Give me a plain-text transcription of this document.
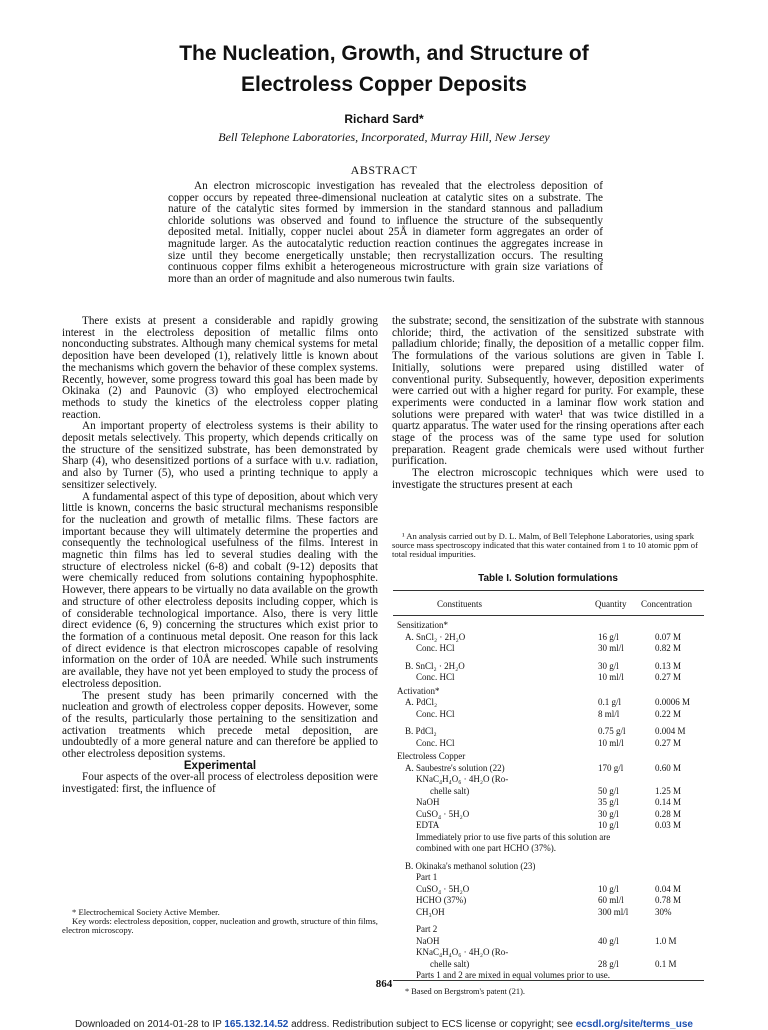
The Nucleation, Growth, and Structure of
Electroless Copper Deposits
Richard Sard*
Bell Telephone Laboratories, Incorporated, Murray Hill, New Jersey
ABSTRACT

An electron microscopic investigation has revealed that the electroless deposition of copper occurs by repeated three-dimensional nucleation at catalytic sites on a substrate. The nature of the catalytic sites formed by immersion in the standard stannous and palladium chloride solutions was observed and found to influence the structure of the subsequently deposited metal. Initially, copper nuclei about 25Å in diameter form aggregates an order of magnitude larger. As the autocatalytic reduction reaction continues the aggregates increase in size until they become energetically unstable; then recrystallization occurs. The resulting continuous copper films exhibit a heterogeneous microstructure with grain size variations of more than an order of magnitude and also numerous twin faults.

There exists at present a considerable and rapidly growing interest in the electroless deposition of metallic films onto nonconducting substrates. Although many chemical systems for metal deposition have been developed (1), relatively little is known about the mechanisms which govern the behavior of these complex systems. Recently, however, some progress toward this goal has been made by Okinaka (2) and Paunovic (3) who employed electrochemical methods to study the kinetics of the electroless copper plating reaction.

An important property of electroless systems is their ability to deposit metals selectively. This property, which depends critically on the structure of the sensitized substrate, has been demonstrated by Sharp (4), who desensitized portions of a surface with u.v. radiation, and also by Turner (5), who used a printing technique to apply a sensitizer selectively.

A fundamental aspect of this type of deposition, about which very little is known, concerns the basic structural mechanisms responsible for the nucleation and growth of metallic films. These factors are important because they will ultimately determine the properties and consequently the technological usefulness of the films. Interest in magnetic thin films has led to several studies dealing with the structure of electroless nickel (6-8) and cobalt (9-12) deposits that were chemically reduced from solutions containing hypophosphite. However, there appears to be virtually no data available on the growth and structure of other electroless deposits including copper, which is of considerable technological importance. Also, there is very little direct evidence (6, 9) concerning the structures which exist prior to the formation of a continuous metal deposit. One reason for this lack of direct evidence is that electron microscopes capable of resolving information on the order of 10Å are needed. While such instruments are available, they have not yet been employed to study the process of electroless deposition.

The present study has been primarily concerned with the nucleation and growth of electroless copper deposits. However, some of the results, particularly those pertaining to the sensitization and activation treatments which precede metal deposition, are undoubtedly of a more general nature and can therefore be applied to other electroless deposition systems.

Experimental

Four aspects of the over-all process of electroless deposition were investigated: first, the influence of

* Electrochemical Society Active Member.

Key words: electroless deposition, copper, nucleation and growth, structure of thin films, electron microscopy.

the substrate; second, the sensitization of the substrate with stannous chloride; third, the activation of the sensitized substrate with palladium chloride; finally, the deposition of a metallic copper film. The formulations of the various solutions are given in Table I. Initially, solutions were prepared using distilled water of conventional purity. Subsequently, however, deposition experiments were carried out with a higher regard for purity. For example, these experiments were conducted in a laminar flow work station and solutions were prepared with water¹ that was twice distilled in a quartz apparatus. The water used for the rinsing operations after each stage of the process was of the same type used for solution preparation. Reagent grade chemicals were used without further purification.

The electron microscopic techniques which were used to investigate the structures present at each

¹ An analysis carried out by D. L. Malm, of Bell Telephone Laboratories, using spark source mass spectroscopy indicated that this water contained from 1 to 10 atomic ppm of total residual impurities.

Table I. Solution formulations
Constituents	Quantity Concentration
Sensitization*
A. SnCl₂ · 2H₂O	16 g/l	0.07 M
Conc. HCl	30 ml/l	0.82 M
B. SnCl₂ · 2H₂O	30 g/l	0.13 M
Conc. HCl	10 ml/l	0.27 M
Activation*
A. PdCl₂	0.1 g/l	0.0006 M
Conc. HCl	8 ml/l	0.22 M
B. PdCl₂	0.75 g/l	0.004 M
Conc. HCl	10 ml/l	0.27 M
Electroless Copper
A. Saubestre's solution (22)	170 g/l	0.60 M
KNaC₄H₄O₆ · 4H₂O (Ro-
chelle salt)	50 g/l	1.25 M
NaOH	35 g/l	0.14 M
CuSO₄ · 5H₂O	30 g/l	0.28 M
EDTA	10 g/l	0.03 M
Immediately prior to use five parts of this solution are
combined with one part HCHO (37%).
B. Okinaka's methanol solution (23)
Part 1
CuSO₄ · 5H₂O	10 g/l	0.04 M
HCHO (37%)	60 ml/l	0.78 M
CH₃OH	300 ml/l	30%
Part 2
NaOH	40 g/l	1.0 M
KNaC₄H₄O₆ · 4H₂O (Ro-
chelle salt)	28 g/l	0.1 M
Parts 1 and 2 are mixed in equal volumes prior to use.
* Based on Bergstrom's patent (21).
864
Downloaded on 2014-01-28 to IP 165.132.14.52 address. Redistribution subject to ECS license or copyright; see ecsdl.org/site/terms_use
